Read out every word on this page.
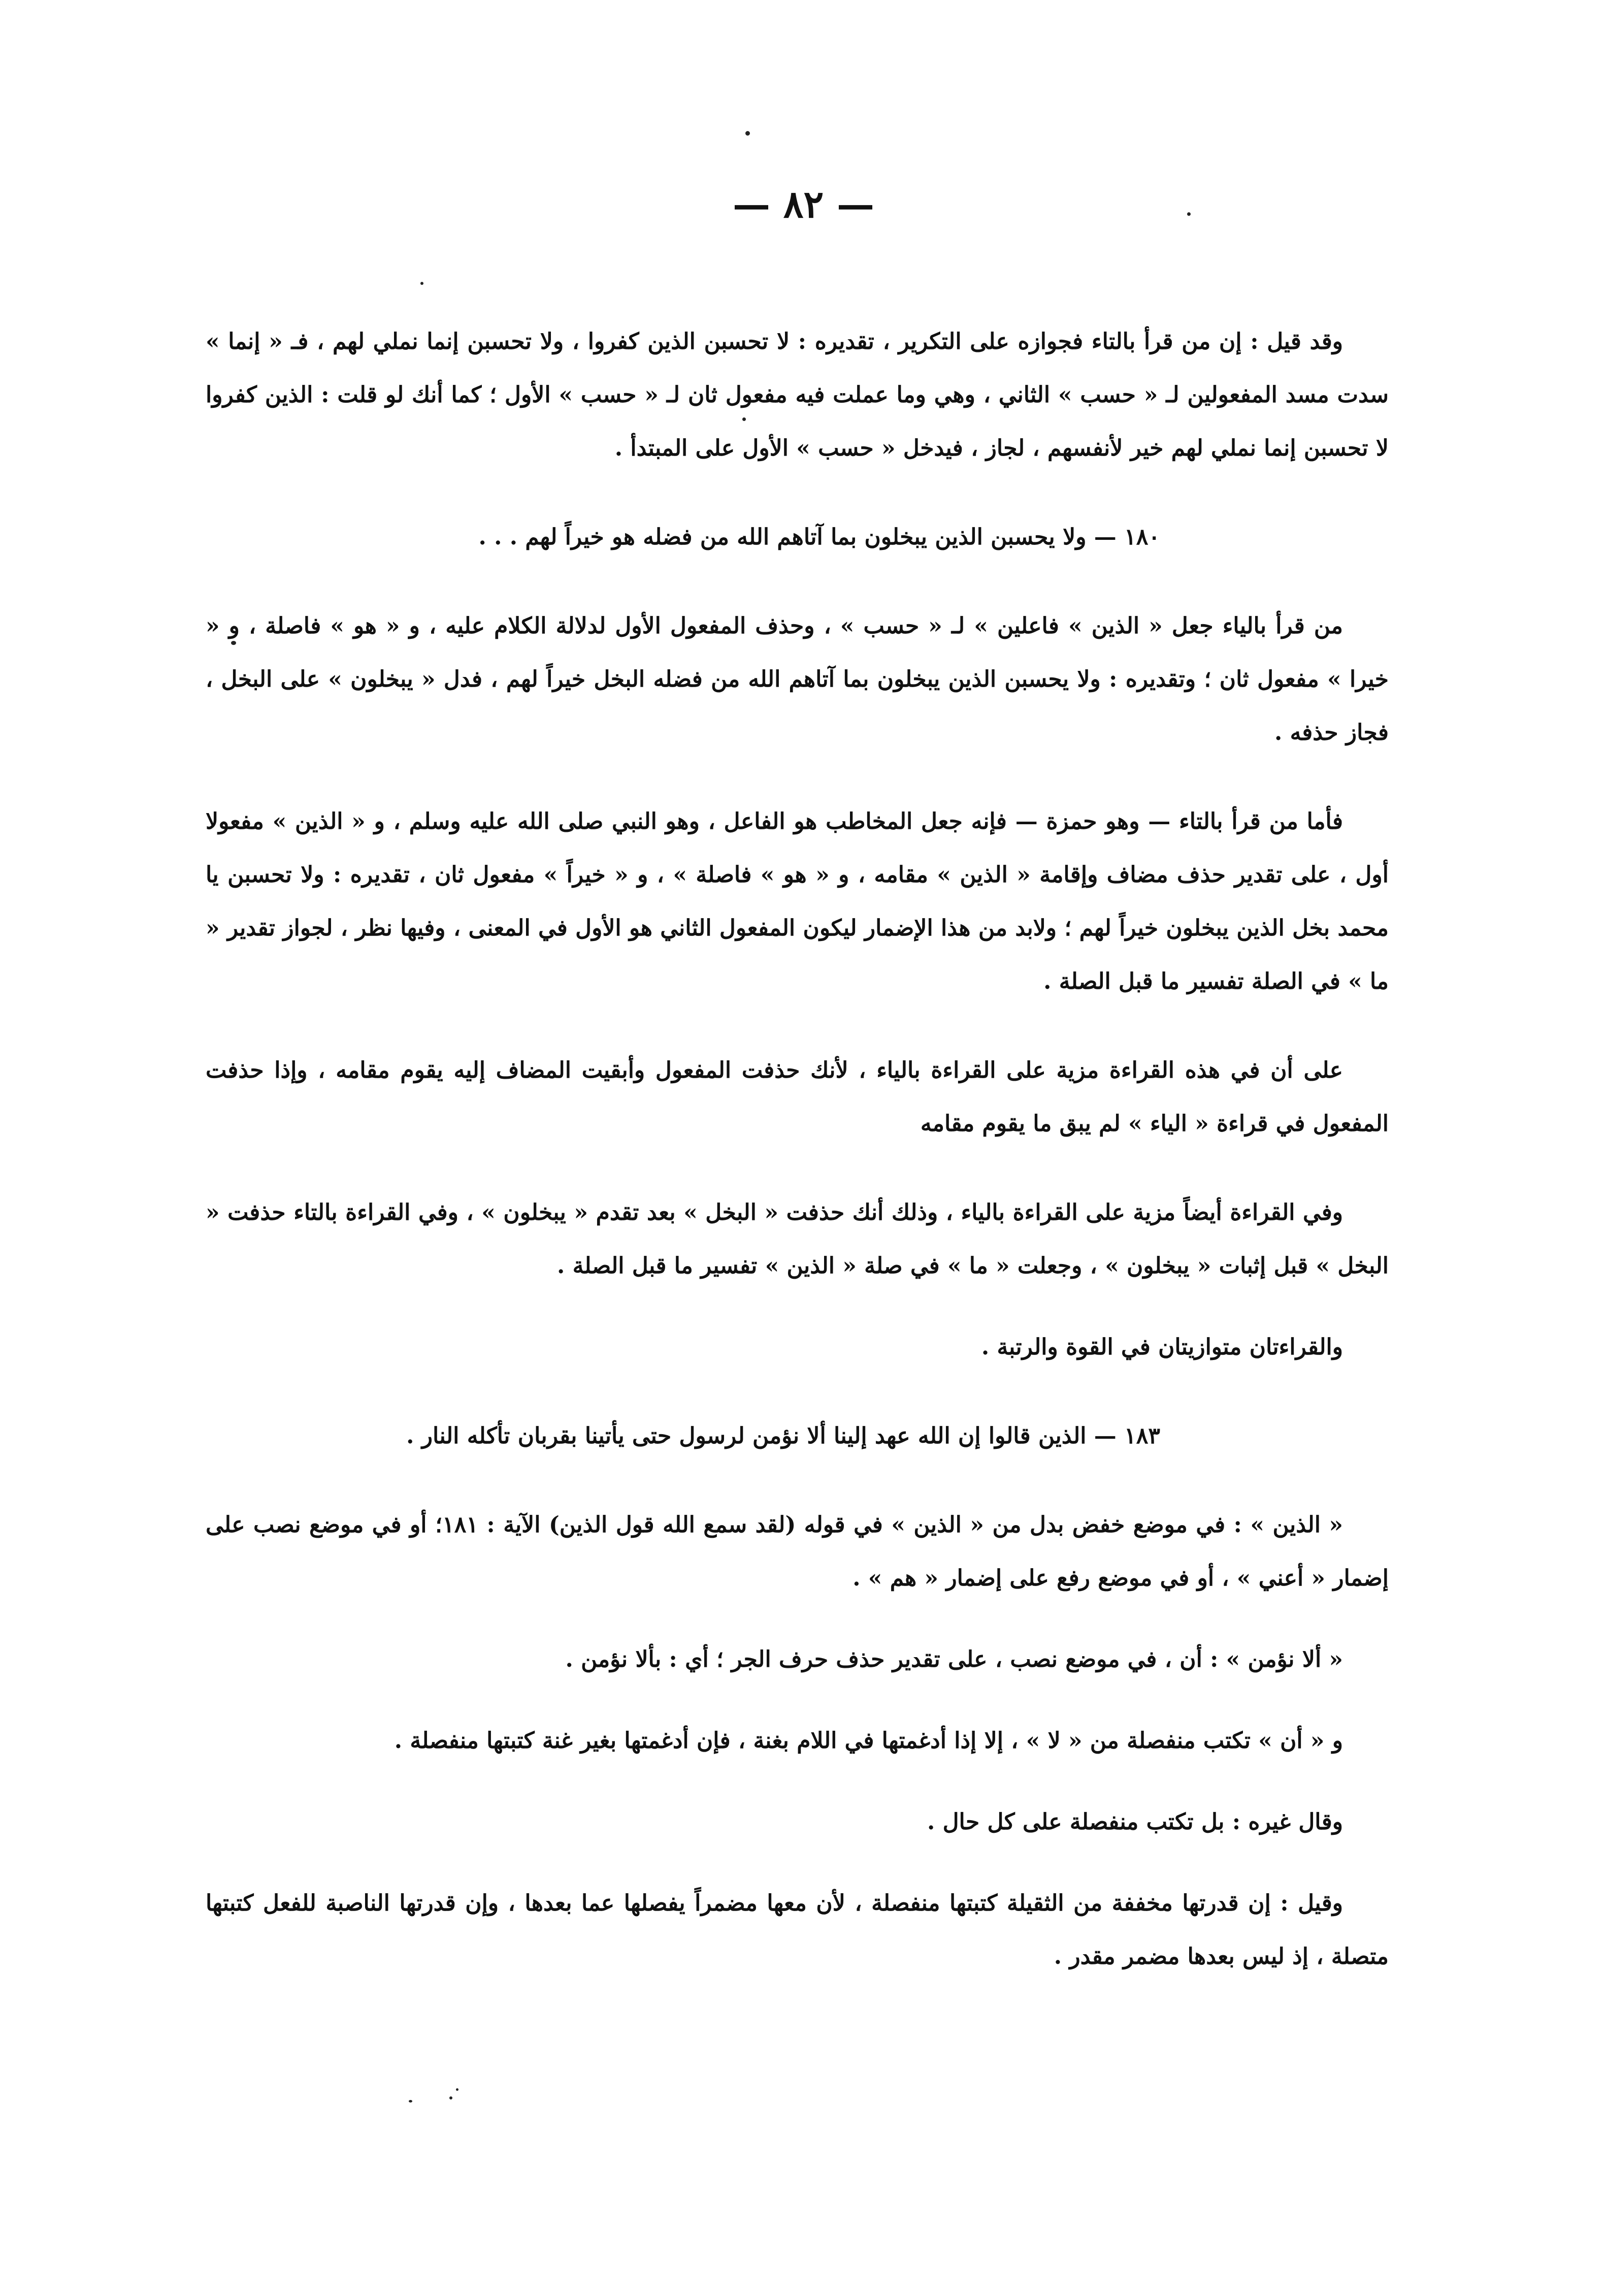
— ٨٢ —

وقد قيل : إن من قرأ بالتاء فجوازه على التكرير ، تقديره : لا تحسبن الذين كفروا ، ولا تحسبن إنما نملي لهم ، فـ « إنما » سدت مسد المفعولين لـ « حسب » الثاني ، وهي وما عملت فيه مفعول ثان لـ « حسب » الأول ؛ كما أنك لو قلت : الذين كفروا لا تحسبن إنما نملي لهم خير لأنفسهم ، لجاز ، فيدخل « حسب » الأول على المبتدأ .

١٨٠ — ولا يحسبن الذين يبخلون بما آتاهم الله من فضله هو خيراً لهم . . .

من قرأ بالياء جعل « الذين » فاعلين » لـ « حسب » ، وحذف المفعول الأول لدلالة الكلام عليه ، و « هو » فاصلة ، و « خيرا » مفعول ثان ؛ وتقديره : ولا يحسبن الذين يبخلون بما آتاهم الله من فضله البخل خيراً لهم ، فدل « يبخلون » على البخل ، فجاز حذفه .

فأما من قرأ بالتاء — وهو حمزة — فإنه جعل المخاطب هو الفاعل ، وهو النبي صلى الله عليه وسلم ، و « الذين » مفعولا أول ، على تقدير حذف مضاف وإقامة « الذين » مقامه ، و « هو » فاصلة » ، و « خيراً » مفعول ثان ، تقديره : ولا تحسبن يا محمد بخل الذين يبخلون خيراً لهم ؛ ولابد من هذا الإضمار ليكون المفعول الثاني هو الأول في المعنى ، وفيها نظر ، لجواز تقدير « ما » في الصلة تفسير ما قبل الصلة .

على أن في هذه القراءة مزية على القراءة بالياء ، لأنك حذفت المفعول وأبقيت المضاف إليه يقوم مقامه ، وإذا حذفت المفعول في قراءة « الياء » لم يبق ما يقوم مقامه

وفي القراءة أيضاً مزية على القراءة بالياء ، وذلك أنك حذفت « البخل » بعد تقدم « يبخلون » ، وفي القراءة بالتاء حذفت « البخل » قبل إثبات « يبخلون » ، وجعلت « ما » في صلة « الذين » تفسير ما قبل الصلة .

والقراءتان متوازيتان في القوة والرتبة .

١٨٣ — الذين قالوا إن الله عهد إلينا ألا نؤمن لرسول حتى يأتينا بقربان تأكله النار .

« الذين » : في موضع خفض بدل من « الذين » في قوله (لقد سمع الله قول الذين) الآية : ١٨١؛ أو في موضع نصب على إضمار « أعني » ، أو في موضع رفع على إضمار « هم » .

« ألا نؤمن » : أن ، في موضع نصب ، على تقدير حذف حرف الجر ؛ أي : بألا نؤمن .

و « أن » تكتب منفصلة من « لا » ، إلا إذا أدغمتها في اللام بغنة ، فإن أدغمتها بغير غنة كتبتها منفصلة .

وقال غيره : بل تكتب منفصلة على كل حال .

وقيل : إن قدرتها مخففة من الثقيلة كتبتها منفصلة ، لأن معها مضمراً يفصلها عما بعدها ، وإن قدرتها الناصبة للفعل كتبتها متصلة ، إذ ليس بعدها مضمر مقدر .
